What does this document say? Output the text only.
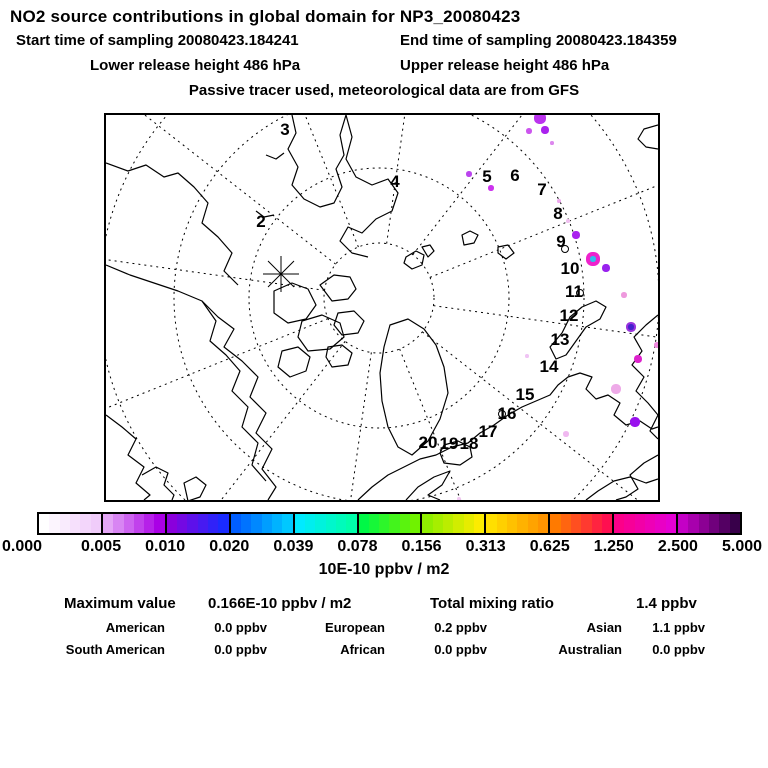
NO2 source contributions in global domain for NP3_20080423
Start time of sampling 20080423.184241	End time of sampling 20080423.184359
Lower release height 486 hPa	Upper release height 486 hPa
Passive tracer used, meteorological data are from GFS
2
3
4	5 6
7
8
9
10
11
12
13
14
15
16
17
18
19
20
10E-10 ppbv / m2
Maximum value 0.166E-10 ppbv / m2	Total mixing ratio	1.4 ppbv
0.000 0.005 0.010 0.020 0.039 0.078 0.156 0.313 0.625 1.250 2.500 5.000
American	0.0 ppbv	European	0.2 ppbv	Asian	1.1 ppbv
South American	0.0 ppbv	African	0.0 ppbv	Australian	0.0 ppbv
